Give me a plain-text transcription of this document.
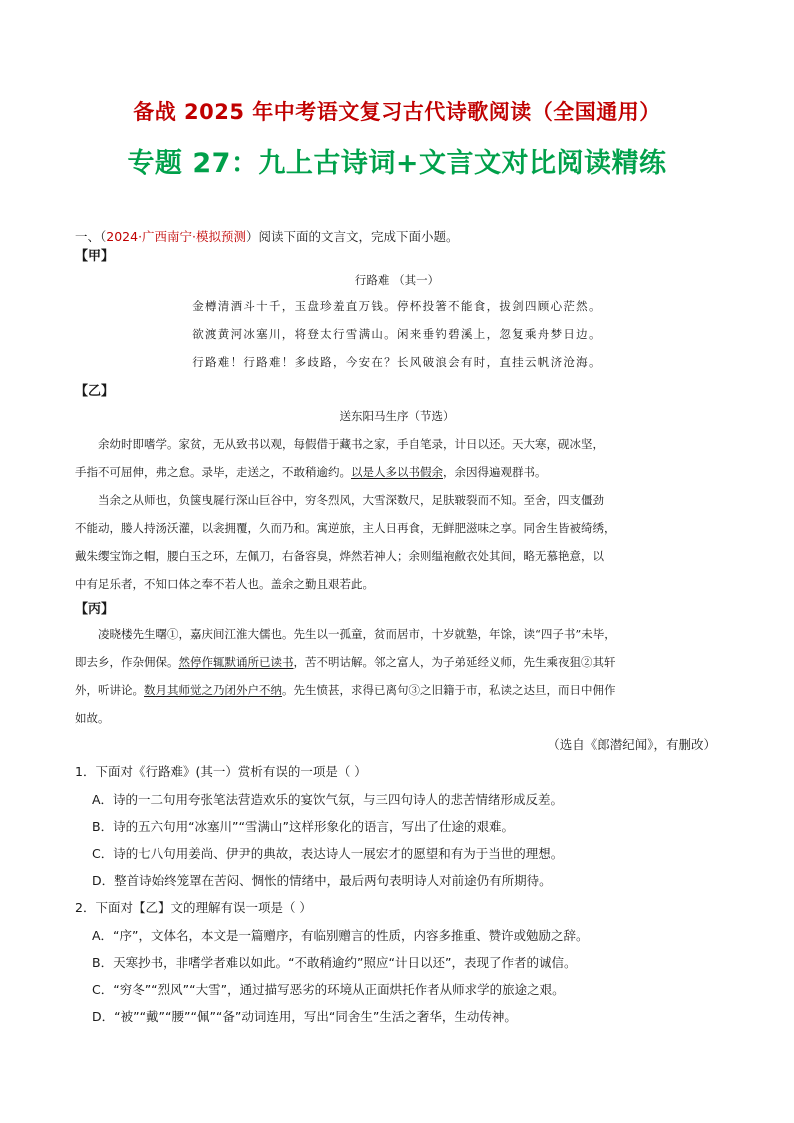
备战 2025 年中考语文复习古代诗歌阅读（全国通用）
专题 27：九上古诗词+文言文对比阅读精练
一、（2024·广西南宁·模拟预测）阅读下面的文言文，完成下面小题。
【甲】
行路难 （其一）
金樽清酒斗十千，玉盘珍羞直万钱。停杯投箸不能食，拔剑四顾心茫然。
欲渡黄河冰塞川，将登太行雪满山。闲来垂钓碧溪上，忽复乘舟梦日边。
行路难！行路难！多歧路，今安在？长风破浪会有时，直挂云帆济沧海。
【乙】
送东阳马生序（节选）
余幼时即嗜学。家贫，无从致书以观，每假借于藏书之家，手自笔录，计日以还。天大寒，砚冰坚，
手指不可屈伸，弗之怠。录毕，走送之，不敢稍逾约。以是人多以书假余，余因得遍观群书。
当余之从师也，负箧曳屣行深山巨谷中，穷冬烈风，大雪深数尺，足肤皲裂而不知。至舍，四支僵劲
不能动，媵人持汤沃灌，以衾拥覆，久而乃和。寓逆旅，主人日再食，无鲜肥滋味之享。同舍生皆被绮绣，
戴朱缨宝饰之帽，腰白玉之环，左佩刀，右备容臭，烨然若神人；余则缊袍敝衣处其间，略无慕艳意，以
中有足乐者，不知口体之奉不若人也。盖余之勤且艰若此。
【丙】
凌晓楼先生曙①，嘉庆间江淮大儒也。先生以一孤童，贫而居市，十岁就塾，年馀，读“四子书”未毕，
即去乡，作杂佣保。然停作辄默诵所已读书，苦不明诂解。邻之富人，为子弟延经义师，先生乘夜狙②其轩
外，听讲论。数月其师觉之乃闭外户不纳。先生愤甚，求得已离句③之旧籍于市，私读之达旦，而日中佣作
如故。
（选自《郎潜纪闻》，有删改）
1．下面对《行路难》(其一）赏析有误的一项是（ ）
A．诗的一二句用夸张笔法营造欢乐的宴饮气氛，与三四句诗人的悲苦情绪形成反差。
B．诗的五六句用“冰塞川”“雪满山”这样形象化的语言，写出了仕途的艰难。
C．诗的七八句用姜尚、伊尹的典故，表达诗人一展宏才的愿望和有为于当世的理想。
D．整首诗始终笼罩在苦闷、惆怅的情绪中，最后两句表明诗人对前途仍有所期待。
2．下面对【乙】文的理解有误一项是（ ）
A．“序”，文体名，本文是一篇赠序，有临别赠言的性质，内容多推重、赞许或勉励之辞。
B．天寒抄书，非嗜学者难以如此。“不敢稍逾约”照应“计日以还”，表现了作者的诚信。
C．“穷冬”“烈风”“大雪”，通过描写恶劣的环境从正面烘托作者从师求学的旅途之艰。
D．“被”“戴”“腰”“佩”“备”动词连用，写出“同舍生”生活之奢华，生动传神。
